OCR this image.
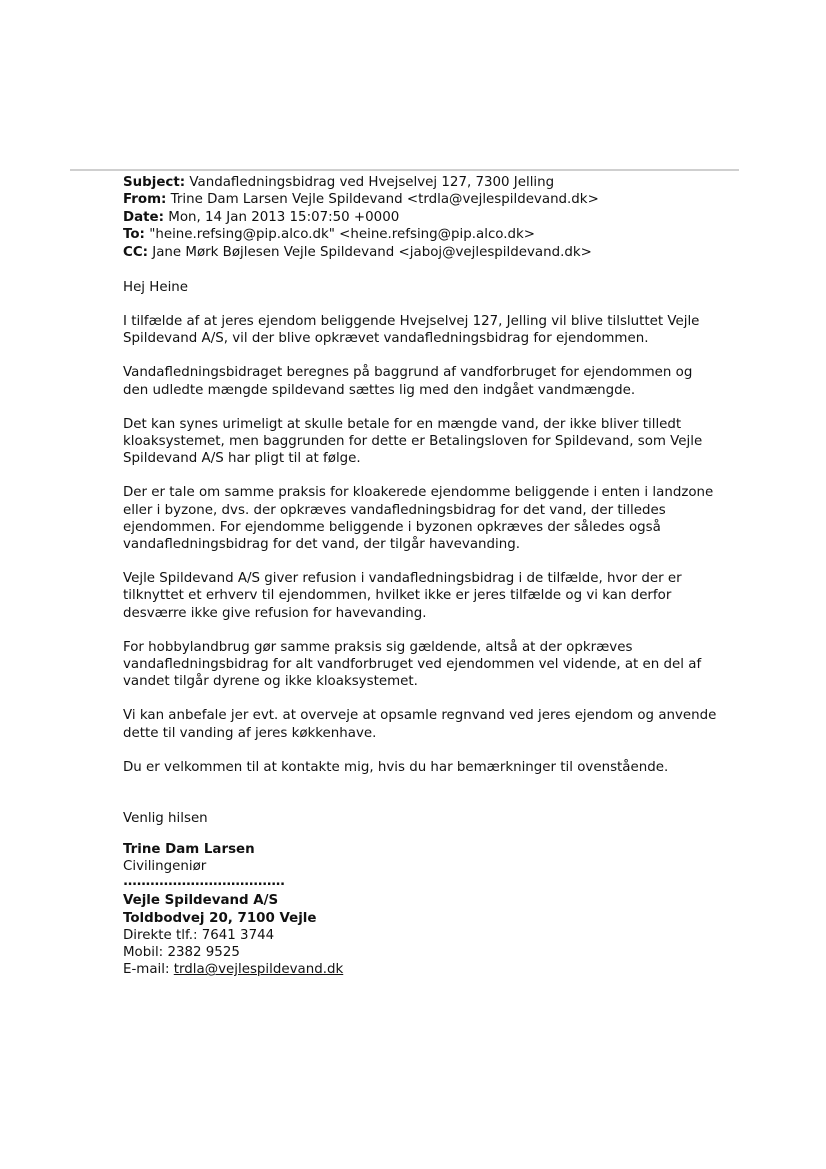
Subject: Vandafledningsbidrag ved Hvejselvej 127, 7300 Jelling
From: Trine Dam Larsen Vejle Spildevand <trdla@vejlespildevand.dk>
Date: Mon, 14 Jan 2013 15:07:50 +0000
To: "heine.refsing@pip.alco.dk" <heine.refsing@pip.alco.dk>
CC: Jane Mørk Bøjlesen Vejle Spildevand <jaboj@vejlespildevand.dk>
Hej Heine
I tilfælde af at jeres ejendom beliggende Hvejselvej 127, Jelling vil blive tilsluttet Vejle
Spildevand A/S, vil der blive opkrævet vandafledningsbidrag for ejendommen.
Vandafledningsbidraget beregnes på baggrund af vandforbruget for ejendommen og
den udledte mængde spildevand sættes lig med den indgået vandmængde.
Det kan synes urimeligt at skulle betale for en mængde vand, der ikke bliver tilledt
kloaksystemet, men baggrunden for dette er Betalingsloven for Spildevand, som Vejle
Spildevand A/S har pligt til at følge.
Der er tale om samme praksis for kloakerede ejendomme beliggende i enten i landzone
eller i byzone, dvs. der opkræves vandafledningsbidrag for det vand, der tilledes
ejendommen. For ejendomme beliggende i byzonen opkræves der således også
vandafledningsbidrag for det vand, der tilgår havevanding.
Vejle Spildevand A/S giver refusion i vandafledningsbidrag i de tilfælde, hvor der er
tilknyttet et erhverv til ejendommen, hvilket ikke er jeres tilfælde og vi kan derfor
desværre ikke give refusion for havevanding.
For hobbylandbrug gør samme praksis sig gældende, altså at der opkræves
vandafledningsbidrag for alt vandforbruget ved ejendommen vel vidende, at en del af
vandet tilgår dyrene og ikke kloaksystemet.
Vi kan anbefale jer evt. at overveje at opsamle regnvand ved jeres ejendom og anvende
dette til vanding af jeres køkkenhave.
Du er velkommen til at kontakte mig, hvis du har bemærkninger til ovenstående.
Venlig hilsen
Trine Dam Larsen
Civilingeniør
....................................
Vejle Spildevand A/S
Toldbodvej 20, 7100 Vejle
Direkte tlf.: 7641 3744
Mobil: 2382 9525
E-mail: trdla@vejlespildevand.dk
